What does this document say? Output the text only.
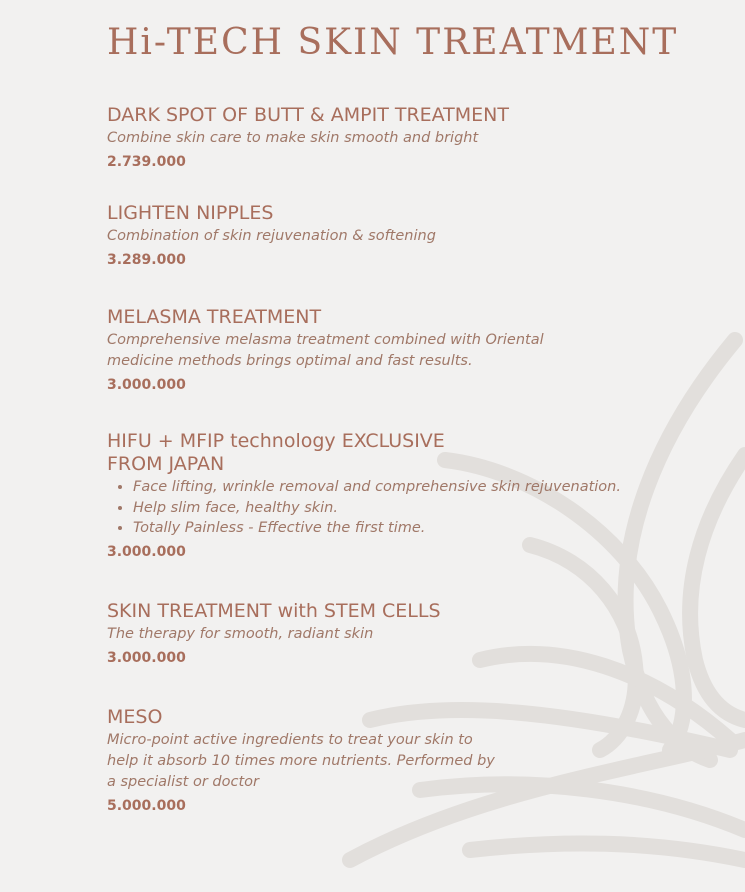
Hi-TECH SKIN TREATMENT
DARK SPOT OF BUTT & AMPIT TREATMENT
Combine skin care to make skin smooth and bright
2.739.000
LIGHTEN NIPPLES
Combination of skin rejuvenation & softening
3.289.000
MELASMA TREATMENT
Comprehensive melasma treatment combined with Oriental
medicine methods brings optimal and fast results.
3.000.000
HIFU + MFIP technology EXCLUSIVE
FROM JAPAN
• Face lifting, wrinkle removal and comprehensive skin rejuvenation.
• Help slim face, healthy skin.
• Totally Painless - Effective the first time.
3.000.000
SKIN TREATMENT with STEM CELLS
The therapy for smooth, radiant skin
3.000.000
MESO
Micro-point active ingredients to treat your skin to
help it absorb 10 times more nutrients. Performed by
a specialist or doctor
5.000.000
